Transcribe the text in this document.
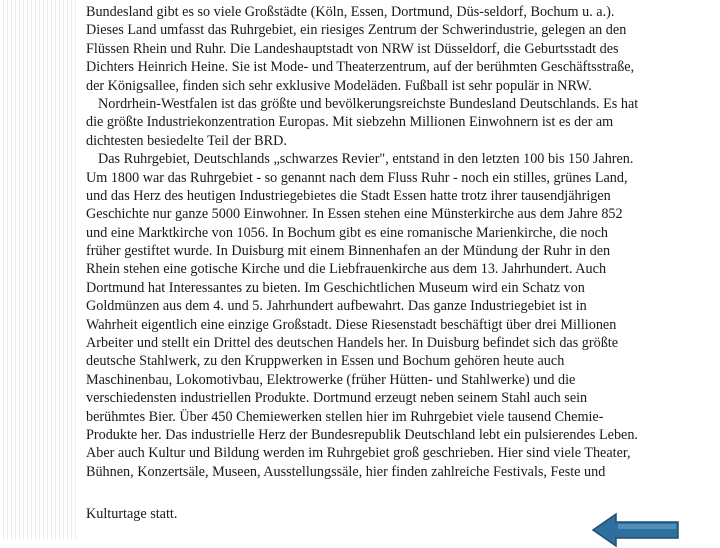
Bundesland gibt es so viele Großstädte (Köln, Essen, Dortmund, Düs-seldorf, Bochum u. a.).
Dieses Land umfasst das Ruhrgebiet, ein riesiges Zentrum der Schwerindustrie, gelegen an den
Flüssen Rhein und Ruhr. Die Landeshauptstadt von NRW ist Düsseldorf, die Geburtsstadt des
Dichters Heinrich Heine. Sie ist Mode- und Theaterzentrum, auf der berühmten Geschäftsstraße,
der Königsallee, finden sich sehr exklusive Modeläden. Fußball ist sehr populär in NRW.
Nordrhein-Westfalen ist das größte und bevölkerungsreichste Bundesland Deutschlands. Es hat
die größte Industriekonzentration Europas. Mit siebzehn Millionen Einwohnern ist es der am
dichtesten besiedelte Teil der BRD.
Das Ruhrgebiet, Deutschlands „schwarzes Revier", entstand in den letzten 100 bis 150 Jahren.
Um 1800 war das Ruhrgebiet - so genannt nach dem Fluss Ruhr - noch ein stilles, grünes Land,
und das Herz des heutigen Industriegebietes die Stadt Essen hatte trotz ihrer tausendjährigen
Geschichte nur ganze 5000 Einwohner. In Essen stehen eine Münsterkirche aus dem Jahre 852
und eine Marktkirche von 1056. In Bochum gibt es eine romanische Marienkirche, die noch
früher gestiftet wurde. In Duisburg mit einem Binnenhafen an der Mündung der Ruhr in den
Rhein stehen eine gotische Kirche und die Liebfrauenkirche aus dem 13. Jahrhundert. Auch
Dortmund hat Interessantes zu bieten. Im Geschichtlichen Museum wird ein Schatz von
Goldmünzen aus dem 4. und 5. Jahrhundert aufbewahrt. Das ganze Industriegebiet ist in
Wahrheit eigentlich eine einzige Großstadt. Diese Riesenstadt beschäftigt über drei Millionen
Arbeiter und stellt ein Drittel des deutschen Handels her. In Duisburg befindet sich das größte
deutsche Stahlwerk, zu den Kruppwerken in Essen und Bochum gehören heute auch
Maschinenbau, Lokomotivbau, Elektrowerke (früher Hütten- und Stahlwerke) und die
verschiedensten industriellen Produkte. Dortmund erzeugt neben seinem Stahl auch sein
berühmtes Bier. Über 450 Chemiewerken stellen hier im Ruhrgebiet viele tausend Chemie-
Produkte her. Das industrielle Herz der Bundesrepublik Deutschland lebt ein pulsierendes Leben.
Aber auch Kultur und Bildung werden im Ruhrgebiet groß geschrieben. Hier sind viele Theater,
Bühnen, Konzertsäle, Museen, Ausstellungssäle, hier finden zahlreiche Festivals, Feste und
Kulturtage statt.
